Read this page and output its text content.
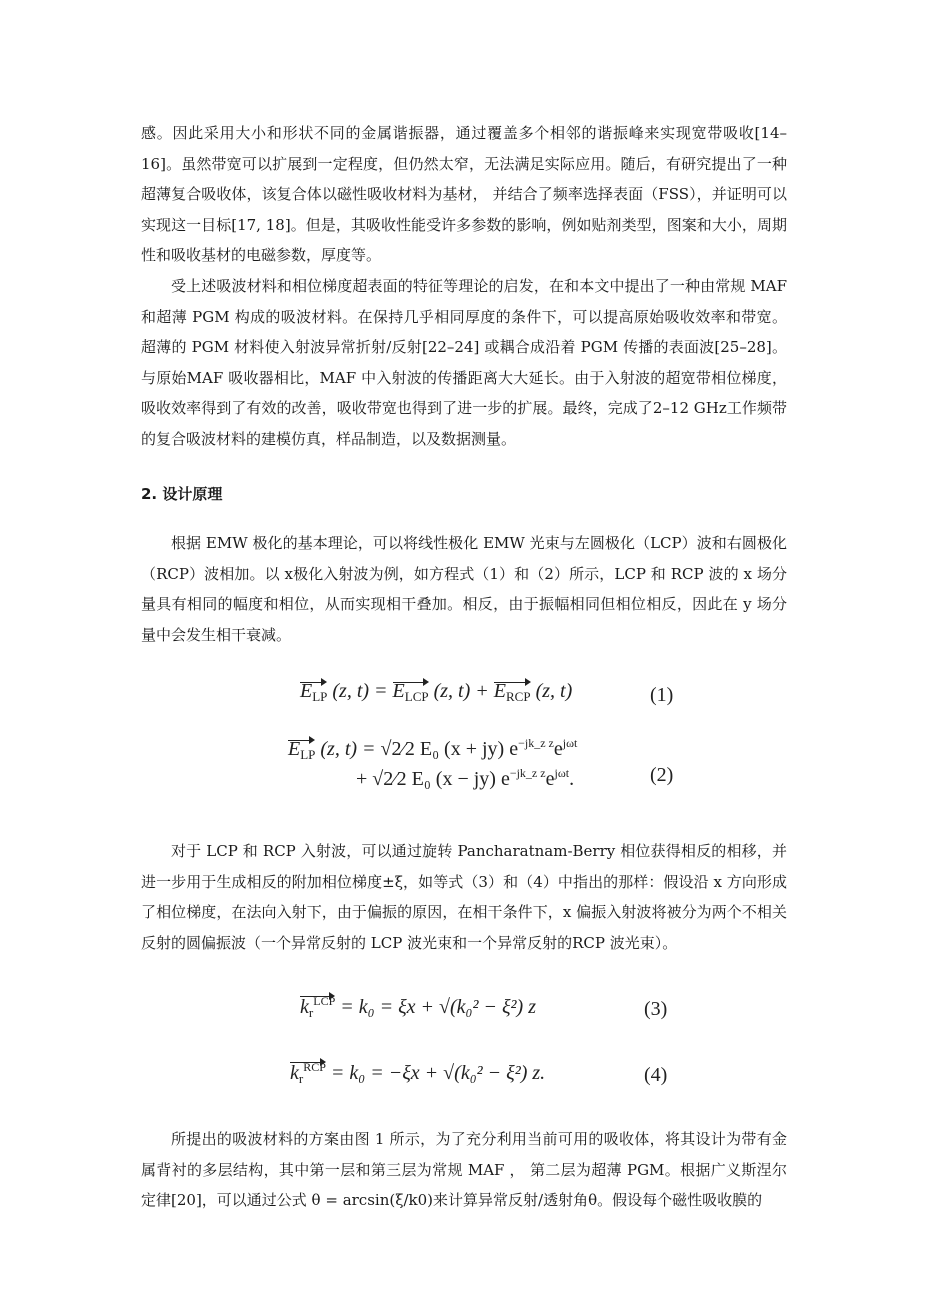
感。因此采用大小和形状不同的金属谐振器，通过覆盖多个相邻的谐振峰来实现宽带吸收[14–16]。虽然带宽可以扩展到一定程度，但仍然太窄，无法满足实际应用。随后，有研究提出了一种超薄复合吸收体，该复合体以磁性吸收材料为基材， 并结合了频率选择表面（FSS），并证明可以实现这一目标[17, 18]。但是，其吸收性能受许多参数的影响，例如贴剂类型，图案和大小，周期性和吸收基材的电磁参数，厚度等。

受上述吸波材料和相位梯度超表面的特征等理论的启发，在和本文中提出了一种由常规 MAF 和超薄 PGM 构成的吸波材料。在保持几乎相同厚度的条件下，可以提高原始吸收效率和带宽。超薄的 PGM 材料使入射波异常折射/反射[22–24] 或耦合成沿着 PGM 传播的表面波[25–28]。与原始MAF 吸收器相比，MAF 中入射波的传播距离大大延长。由于入射波的超宽带相位梯度，吸收效率得到了有效的改善，吸收带宽也得到了进一步的扩展。最终，完成了2–12 GHz工作频带的复合吸波材料的建模仿真，样品制造，以及数据测量。

2. 设计原理

根据 EMW 极化的基本理论，可以将线性极化 EMW 光束与左圆极化（LCP）波和右圆极化（RCP）波相加。以 x极化入射波为例，如方程式（1）和（2）所示，LCP 和 RCP 波的 x 场分量具有相同的幅度和相位，从而实现相干叠加。相反，由于振幅相同但相位相反，因此在 y 场分量中会发生相干衰减。

$E_{LP}$ (z, $t) = E_{LCP}$ (z, $t) + E_{RCP}$ (z, t)	(1)
$E_{LP}$ (z, t) = √2⁄2 E₀ (x + jy) $e^{-jk\_z z}e^{j\omega t}$
+ √2⁄2 E₀ (x − jy) $e^{-jk\_z z}e^{j\omega t}$.	(2)

对于 LCP 和 RCP 入射波，可以通过旋转 Pancharatnam-Berry 相位获得相反的相移，并进一步用于生成相反的附加相位梯度±ξ，如等式（3）和（4）中指出的那样：假设沿 x 方向形成了相位梯度，在法向入射下，由于偏振的原因，在相干条件下，x 偏振入射波将被分为两个不相关反射的圆偏振波（一个异常反射的 LCP 波光束和一个异常反射的RCP 波光束）。

$k_r^{LCP} = k_0 = \xi x + √(k_0^2 - \xi^2)$ z	(3)
$k_r^{RCP} = k_0 = -\xi x + √(k_0^2 - \xi^2)$ z.	(4)

所提出的吸波材料的方案由图 1 所示，为了充分利用当前可用的吸收体，将其设计为带有金属背衬的多层结构，其中第一层和第三层为常规 MAF ， 第二层为超薄 PGM。根据广义斯涅尔定律[20]，可以通过公式 θ = arcsin(ξ/k0)来计算异常反射/透射角θ。假设每个磁性吸收膜的
